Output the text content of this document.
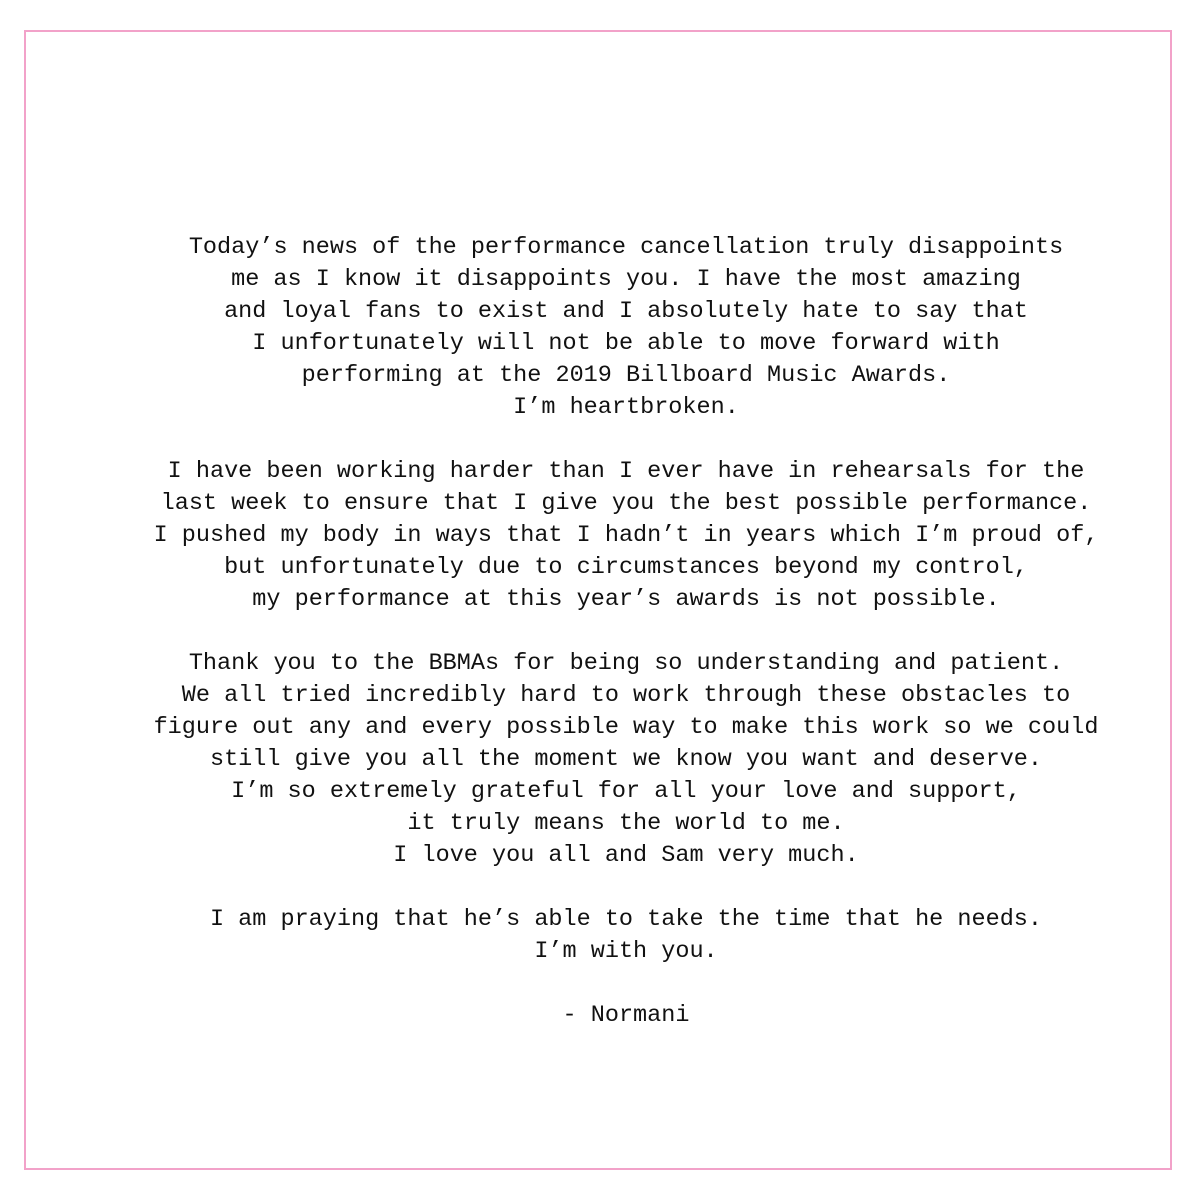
Today’s news of the performance cancellation truly disappoints
me as I know it disappoints you. I have the most amazing
and loyal fans to exist and I absolutely hate to say that
I unfortunately will not be able to move forward with
performing at the 2019 Billboard Music Awards.
I’m heartbroken.
I have been working harder than I ever have in rehearsals for the
last week to ensure that I give you the best possible performance.
I pushed my body in ways that I hadn’t in years which I’m proud of,
but unfortunately due to circumstances beyond my control,
my performance at this year’s awards is not possible.
Thank you to the BBMAs for being so understanding and patient.
We all tried incredibly hard to work through these obstacles to
figure out any and every possible way to make this work so we could
still give you all the moment we know you want and deserve.
I’m so extremely grateful for all your love and support,
it truly means the world to me.
I love you all and Sam very much.
I am praying that he’s able to take the time that he needs.
I’m with you.
- Normani
